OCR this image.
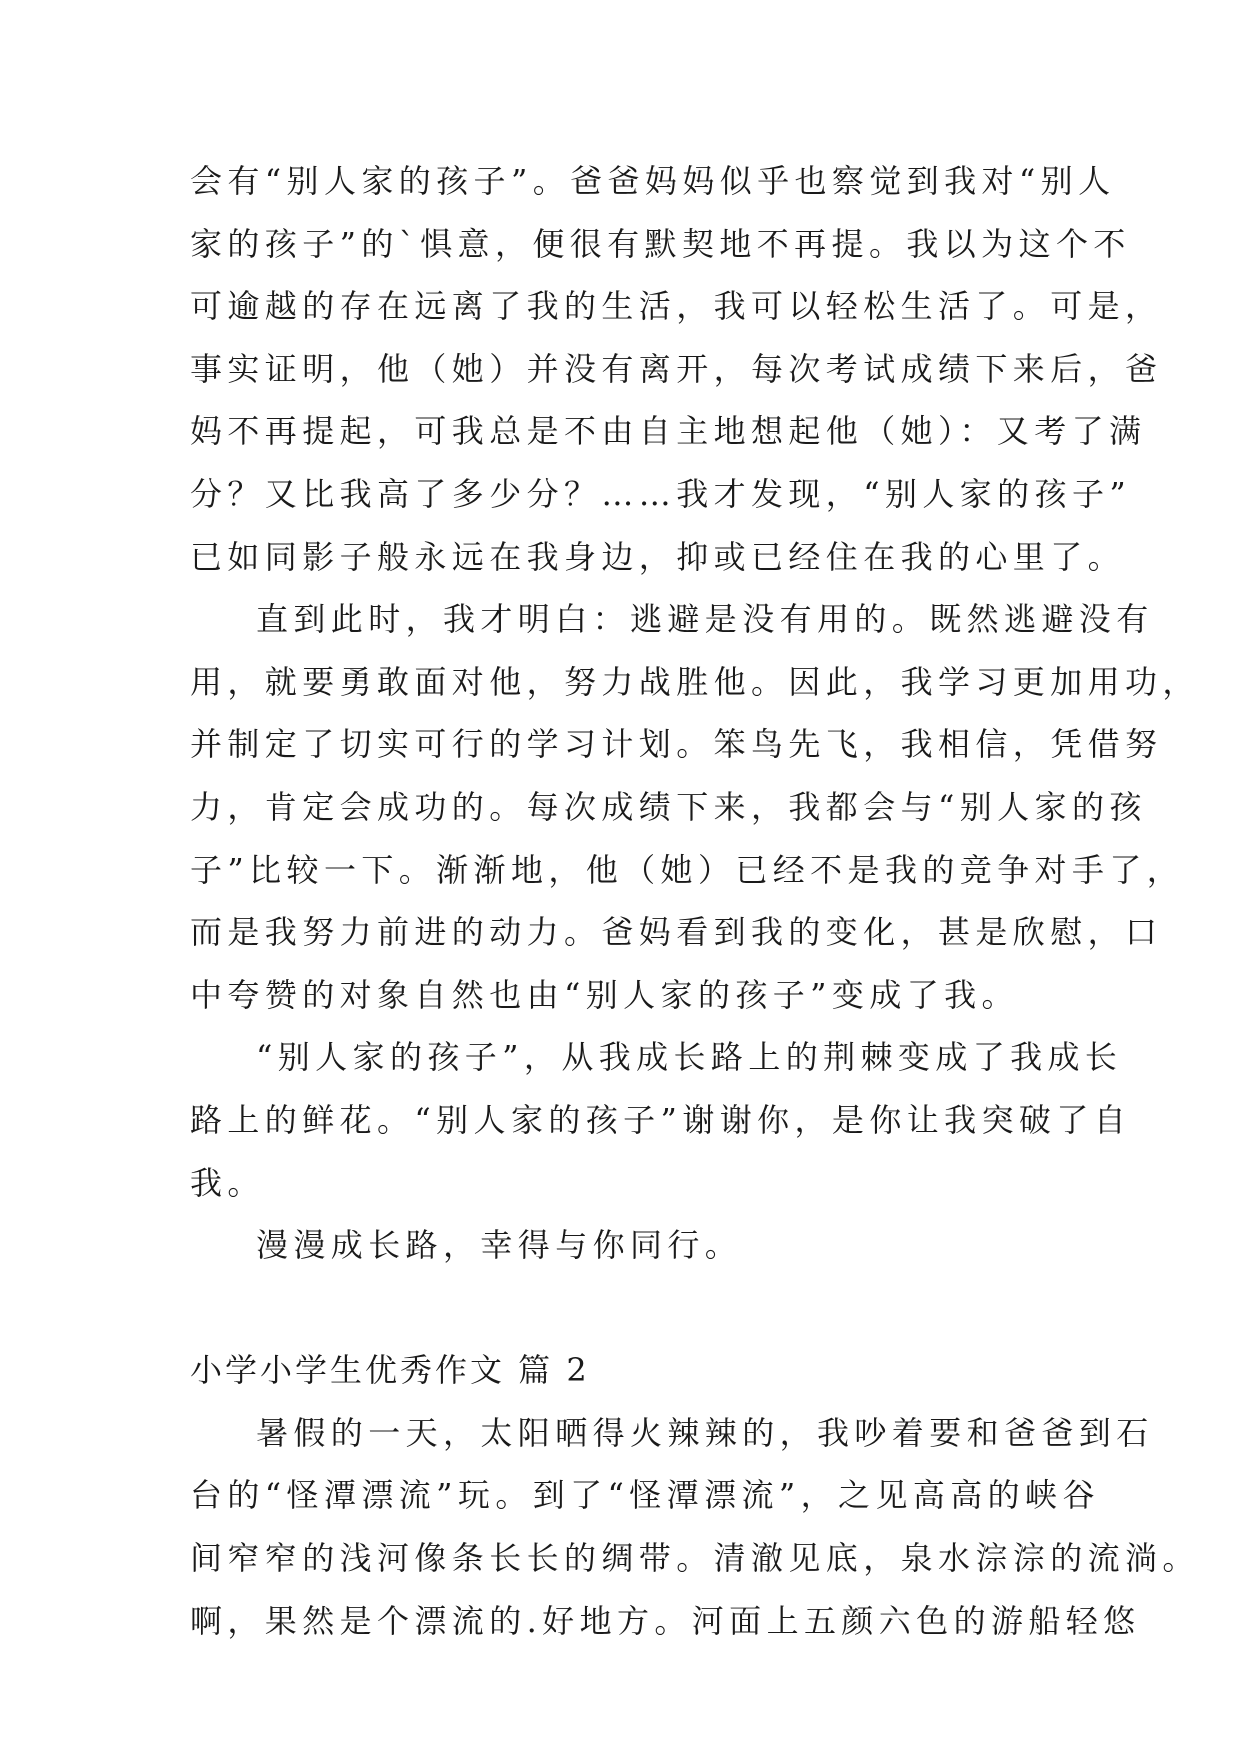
会有“别人家的孩子”。爸爸妈妈似乎也察觉到我对“别人
家的孩子”的`惧意，便很有默契地不再提。我以为这个不
可逾越的存在远离了我的生活，我可以轻松生活了。可是，
事实证明，他（她）并没有离开，每次考试成绩下来后，爸
妈不再提起，可我总是不由自主地想起他（她）：又考了满
分？又比我高了多少分？……我才发现，“别人家的孩子”
已如同影子般永远在我身边，抑或已经住在我的心里了。
直到此时，我才明白：逃避是没有用的。既然逃避没有
用，就要勇敢面对他，努力战胜他。因此，我学习更加用功，
并制定了切实可行的学习计划。笨鸟先飞，我相信，凭借努
力，肯定会成功的。每次成绩下来，我都会与“别人家的孩
子”比较一下。渐渐地，他（她）已经不是我的竞争对手了，
而是我努力前进的动力。爸妈看到我的变化，甚是欣慰，口
中夸赞的对象自然也由“别人家的孩子”变成了我。
“别人家的孩子”，从我成长路上的荆棘变成了我成长
路上的鲜花。“别人家的孩子”谢谢你，是你让我突破了自
我。
漫漫成长路，幸得与你同行。
小学小学生优秀作文 篇 2
暑假的一天，太阳晒得火辣辣的，我吵着要和爸爸到石
台的“怪潭漂流”玩。到了“怪潭漂流”，之见高高的峡谷
间窄窄的浅河像条长长的绸带。清澈见底，泉水淙淙的流淌。
啊，果然是个漂流的.好地方。河面上五颜六色的游船轻悠
